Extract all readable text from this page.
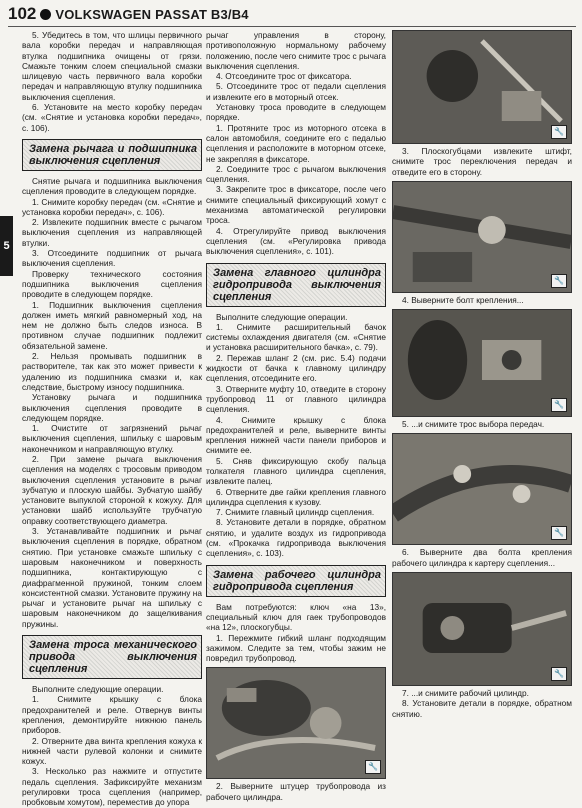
102 VOLKSWAGEN PASSAT B3/B4
5

5. Убедитесь в том, что шлицы первичного вала коробки передач и направляющая втулка подшипника очищены от грязи. Смажьте тонким слоем специальной смазки шлицевую часть первичного вала коробки передач и направляющую втулку подшипника выключения сцепления.

6. Установите на место коробку передач (см. «Снятие и установка коробки передач», с. 106).

Замена рычага и подшипника выключения сцепления

Снятие рычага и подшипника выключения сцепления проводите в следующем порядке.

1. Снимите коробку передач (см. «Снятие и установка коробки передач», с. 106).

2. Извлеките подшипник вместе с рычагом выключения сцепления из направляющей втулки.

3. Отсоедините подшипник от рычага выключения сцепления.

Проверку технического состояния подшипника выключения сцепления проводите в следующем порядке.

1. Подшипник выключения сцепления должен иметь мягкий равномерный ход, на нем не должно быть следов износа. В противном случае подшипник подлежит обязательной замене.

2. Нельзя промывать подшипник в растворителе, так как это может привести к удалению из подшипника смазки и, как следствие, быстрому износу подшипника.

Установку рычага и подшипника выключения сцепления проводите в следующем порядке.

1. Очистите от загрязнений рычаг выключения сцепления, шпильку с шаровым наконечником и направляющую втулку.

2. При замене рычага выключения сцепления на моделях с тросовым приводом выключения сцепления установите в рычаг зубчатую и плоскую шайбы. Зубчатую шайбу установите выпуклой стороной к кожуху. Для установки шайб используйте трубчатую оправку соответствующего диаметра.

3. Устанавливайте подшипник и рычаг выключения сцепления в порядке, обратном снятию. При установке смажьте шпильку с шаровым наконечником и поверхность подшипника, контактирующую с диафрагменной пружиной, тонким слоем консистентной смазки. Установите пружину на рычаг и установите рычаг на шпильку с шаровым наконечником до защелкивания пружины.

Замена троса механического привода выключения сцепления

Выполните следующие операции.

1. Снимите крышку с блока предохранителей и реле. Отвернув винты крепления, демонтируйте нижнюю панель приборов.

2. Отверните два винта крепления кожуха к нижней части рулевой колонки и снимите кожух.

3. Несколько раз нажмите и отпустите педаль сцепления. Зафиксируйте механизм регулировки троса сцепления (например, пробковым хомутом), переместив до упора

рычаг управления в сторону, противоположную нормальному рабочему положению, после чего снимите трос с рычага выключения сцепления.

4. Отсоедините трос от фиксатора.

5. Отсоедините трос от педали сцепления и извлеките его в моторный отсек.

Установку троса проводите в следующем порядке.

1. Протяните трос из моторного отсека в салон автомобиля, соедините его с педалью сцепления и расположите в моторном отсеке, не закрепляя в фиксаторе.

2. Соедините трос с рычагом выключения сцепления.

3. Закрепите трос в фиксаторе, после чего снимите специальный фиксирующий хомут с механизма автоматической регулировки троса.

4. Отрегулируйте привод выключения сцепления (см. «Регулировка привода выключения сцепления», с. 101).

Замена главного цилиндра гидропривода выключения сцепления

Выполните следующие операции.

1. Снимите расширительный бачок системы охлаждения двигателя (см. «Снятие и установка расширительного бачка», с. 79).

2. Пережав шланг 2 (см. рис. 5.4) подачи жидкости от бачка к главному цилиндру сцепления, отсоедините его.

3. Отверните муфту 10, отведите в сторону трубопровод 11 от главного цилиндра сцепления.

4. Снимите крышку с блока предохранителей и реле, выверните винты крепления нижней части панели приборов и снимите ее.

5. Сняв фиксирующую скобу пальца толкателя главного цилиндра сцепления, извлеките палец.

6. Отверните две гайки крепления главного цилиндра сцепления к кузову.

7. Снимите главный цилиндр сцепления.

8. Установите детали в порядке, обратном снятию, и удалите воздух из гидропривода (см. «Прокачка гидропривода выключения сцепления», с. 103).

Замена рабочего цилиндра гидропривода сцепления

Вам потребуются: ключ «на 13», специальный ключ для гаек трубопроводов «на 12», плоскогубцы.

1. Пережмите гибкий шланг подходящим зажимом. Следите за тем, чтобы зажим не повредил трубопровод.

🔧
2. Выверните штуцер трубопровода из рабочего цилиндра.
🔧
3. Плоскогубцами извлеките штифт, снимите трос переключения передач и отведите его в сторону.
🔧
4. Выверните болт крепления...
🔧
5. ...и снимите трос выбора передач.
🔧
6. Выверните два болта крепления рабочего цилиндра к картеру сцепления...
🔧
7. ...и снимите рабочий цилиндр.
8. Установите детали в порядке, обратном снятию.
